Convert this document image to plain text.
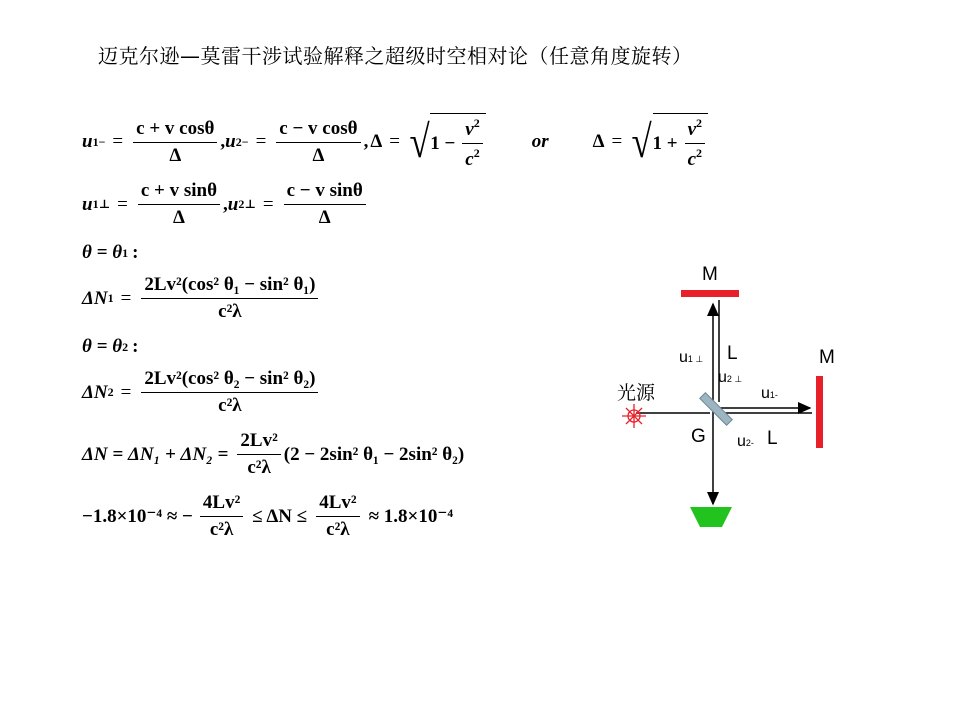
迈克尔逊—莫雷干涉试验解释之超级时空相对论（任意角度旋转）
u $1- = \frac{\text{c + v cosθ}}{\Delta}$ , u $2- = \frac{\text{c − v cosθ}}{\Delta}$ , Δ = √ $1 - \frac{v^2}{c^2}$	or Δ = √ $1 + \frac{v^2}{c^2}$
u 1⊥ = $\frac{\text{c + v sinθ}}{\Delta}$ , u 2⊥ = $\frac{\text{c − v sinθ}}{\Delta}$
θ = θ 1 :
ΔN $1 = \frac{\text{2Lv²(cos² θ₁ − sin² θ₁)}}{\text{c²λ}}$
θ = θ 2 :
ΔN $2 = \frac{\text{2Lv²(cos² θ₂ − sin² θ₂)}}{\text{c²λ}}$
$\Delta N = \Delta N_1 + \Delta N_2 = \frac{\text{2Lv²}}{\text{c²λ}} (2 - 2\sin^2$ θ₁ − 2sin² θ₂)
−1.8×10⁻⁴ ≈ − $\frac{\text{4Lv²}}{\text{c²λ}} \le \Delta N \le \frac{\text{4Lv²}}{\text{c²λ}} \approx 1.8\times 10^{-4}$
M
M
光源
G
L
L
u1 ⊥
u2 ⊥
u1-
u2-
